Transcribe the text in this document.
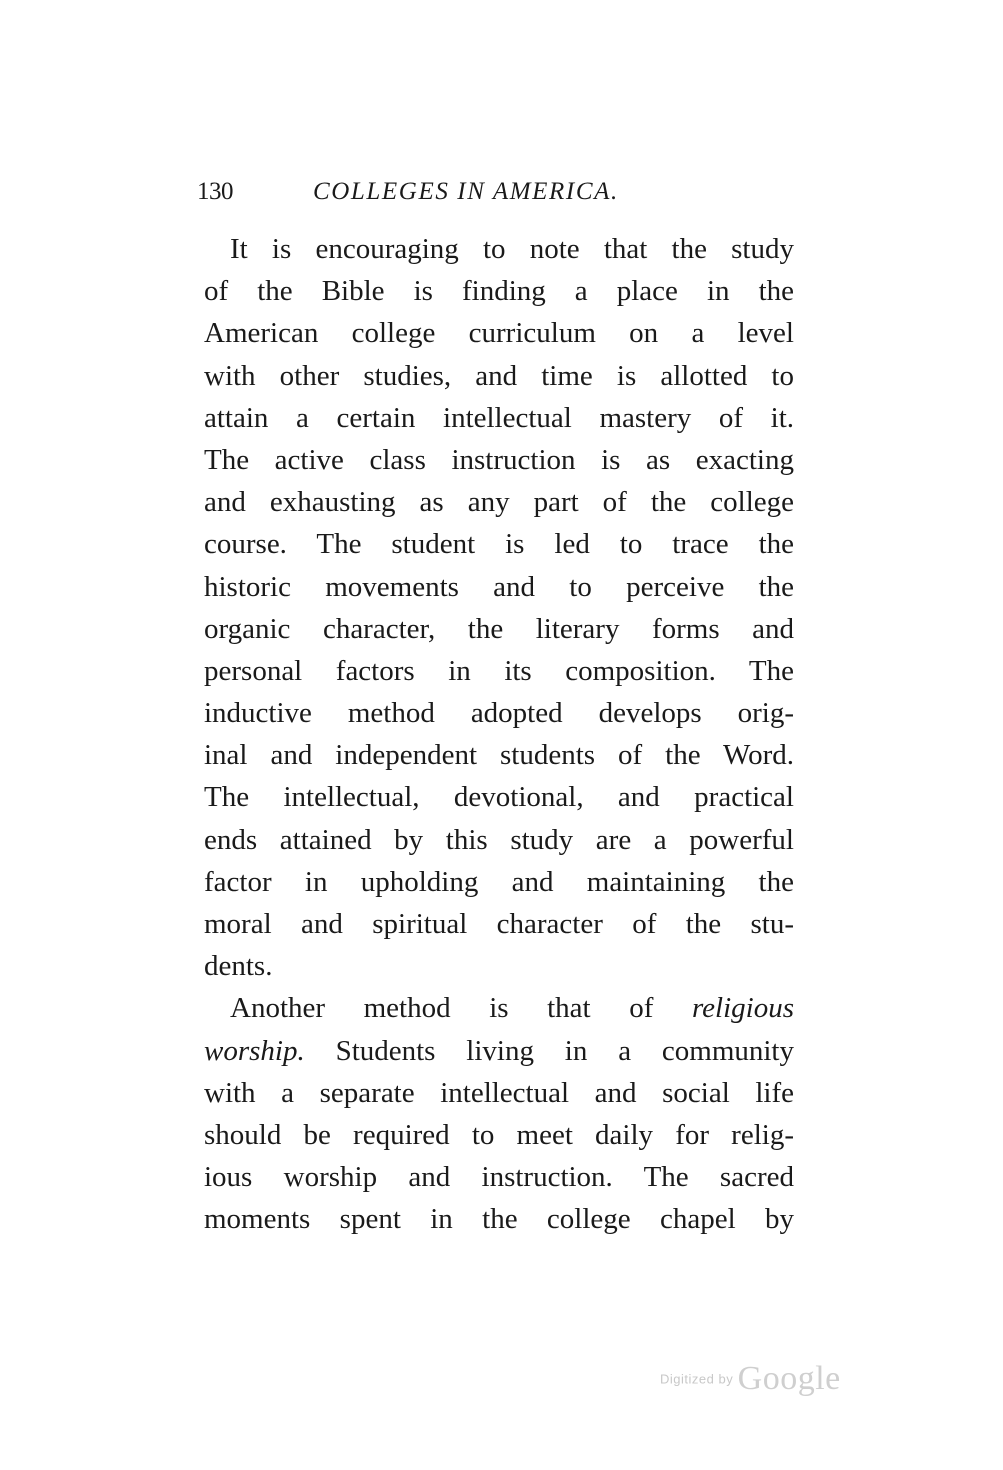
130	COLLEGES IN AMERICA.
It is encouraging to note that the study
of the Bible is finding a place in the
American college curriculum on a level
with other studies, and time is allotted to
attain a certain intellectual mastery of it.
The active class instruction is as exacting
and exhausting as any part of the college
course. The student is led to trace the
historic movements and to perceive the
organic character, the literary forms and
personal factors in its composition. The
inductive method adopted develops orig-
inal and independent students of the Word.
The intellectual, devotional, and practical
ends attained by this study are a powerful
factor in upholding and maintaining the
moral and spiritual character of the stu-
dents.
Another method is that of religious
worship. Students living in a community
with a separate intellectual and social life
should be required to meet daily for relig-
ious worship and instruction. The sacred
moments spent in the college chapel by
Digitized by Google
